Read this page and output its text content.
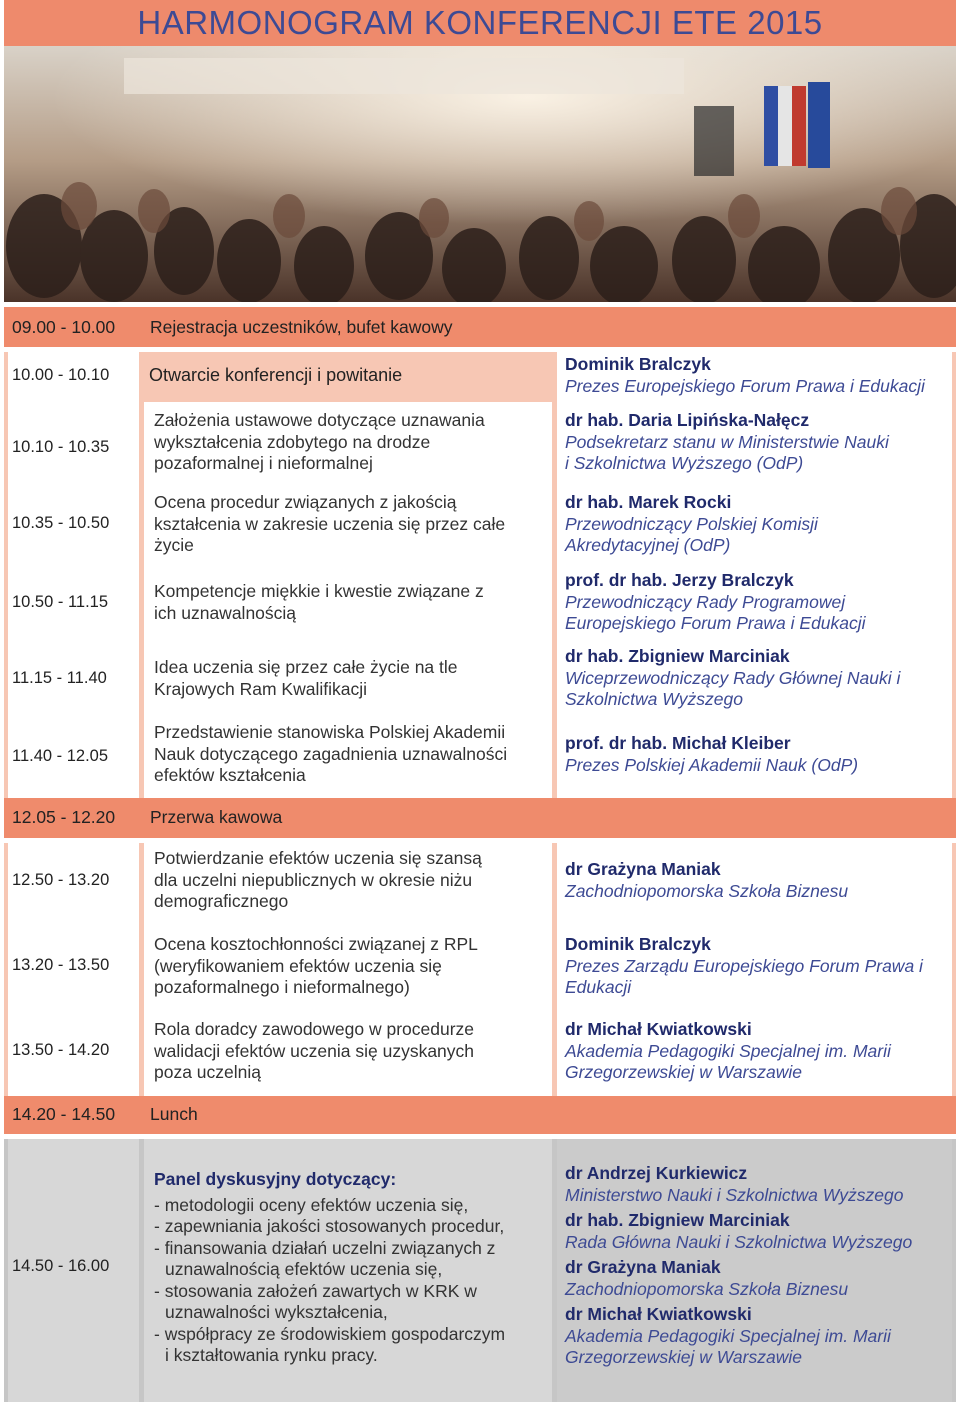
HARMONOGRAM KONFERENCJI ETE 2015
09.00 - 10.00 Rejestracja uczestników, bufet kawowy
10.00 - 10.10 Otwarcie konferencji i powitanie
Dominik Bralczyk
Prezes Europejskiego Forum Prawa i Edukacji
10.10 - 10.35
Założenia ustawowe dotyczące uznawania
wykształcenia zdobytego na drodze
pozaformalnej i nieformalnej
dr hab. Daria Lipińska-Nałęcz
Podsekretarz stanu w Ministerstwie Nauki
i Szkolnictwa Wyższego (OdP)
10.35 - 10.50
Ocena procedur związanych z jakością
kształcenia w zakresie uczenia się przez całe
życie
dr hab. Marek Rocki
Przewodniczący Polskiej Komisji
Akredytacyjnej (OdP)
10.50 - 11.15
Kompetencje miękkie i kwestie związane z
ich uznawalnością
prof. dr hab. Jerzy Bralczyk
Przewodniczący Rady Programowej
Europejskiego Forum Prawa i Edukacji
11.15 - 11.40
Idea uczenia się przez całe życie na tle
Krajowych Ram Kwalifikacji
dr hab. Zbigniew Marciniak
Wiceprzewodniczący Rady Głównej Nauki i
Szkolnictwa Wyższego
11.40 - 12.05
Przedstawienie stanowiska Polskiej Akademii
Nauk dotyczącego zagadnienia uznawalności
efektów kształcenia
prof. dr hab. Michał Kleiber
Prezes Polskiej Akademii Nauk (OdP)
12.05 - 12.20 Przerwa kawowa
12.50 - 13.20
Potwierdzanie efektów uczenia się szansą
dla uczelni niepublicznych w okresie niżu
demograficznego
dr Grażyna Maniak
Zachodniopomorska Szkoła Biznesu
13.20 - 13.50
Ocena kosztochłonności związanej z RPL
(weryfikowaniem efektów uczenia się
pozaformalnego i nieformalnego)
Dominik Bralczyk
Prezes Zarządu Europejskiego Forum Prawa i
Edukacji
13.50 - 14.20
Rola doradcy zawodowego w procedurze
walidacji efektów uczenia się uzyskanych
poza uczelnią
dr Michał Kwiatkowski
Akademia Pedagogiki Specjalnej im. Marii
Grzegorzewskiej w Warszawie
14.20 - 14.50 Lunch
14.50 - 16.00
Panel dyskusyjny dotyczący:
- metodologii oceny efektów uczenia się,
- zapewniania jakości stosowanych procedur,
- finansowania działań uczelni związanych z
uznawalnością efektów uczenia się,
- stosowania założeń zawartych w KRK w
uznawalności wykształcenia,
- współpracy ze środowiskiem gospodarczym
i kształtowania rynku pracy.
dr Andrzej Kurkiewicz
Ministerstwo Nauki i Szkolnictwa Wyższego
dr hab. Zbigniew Marciniak
Rada Główna Nauki i Szkolnictwa Wyższego
dr Grażyna Maniak
Zachodniopomorska Szkoła Biznesu
dr Michał Kwiatkowski
Akademia Pedagogiki Specjalnej im. Marii
Grzegorzewskiej w Warszawie
